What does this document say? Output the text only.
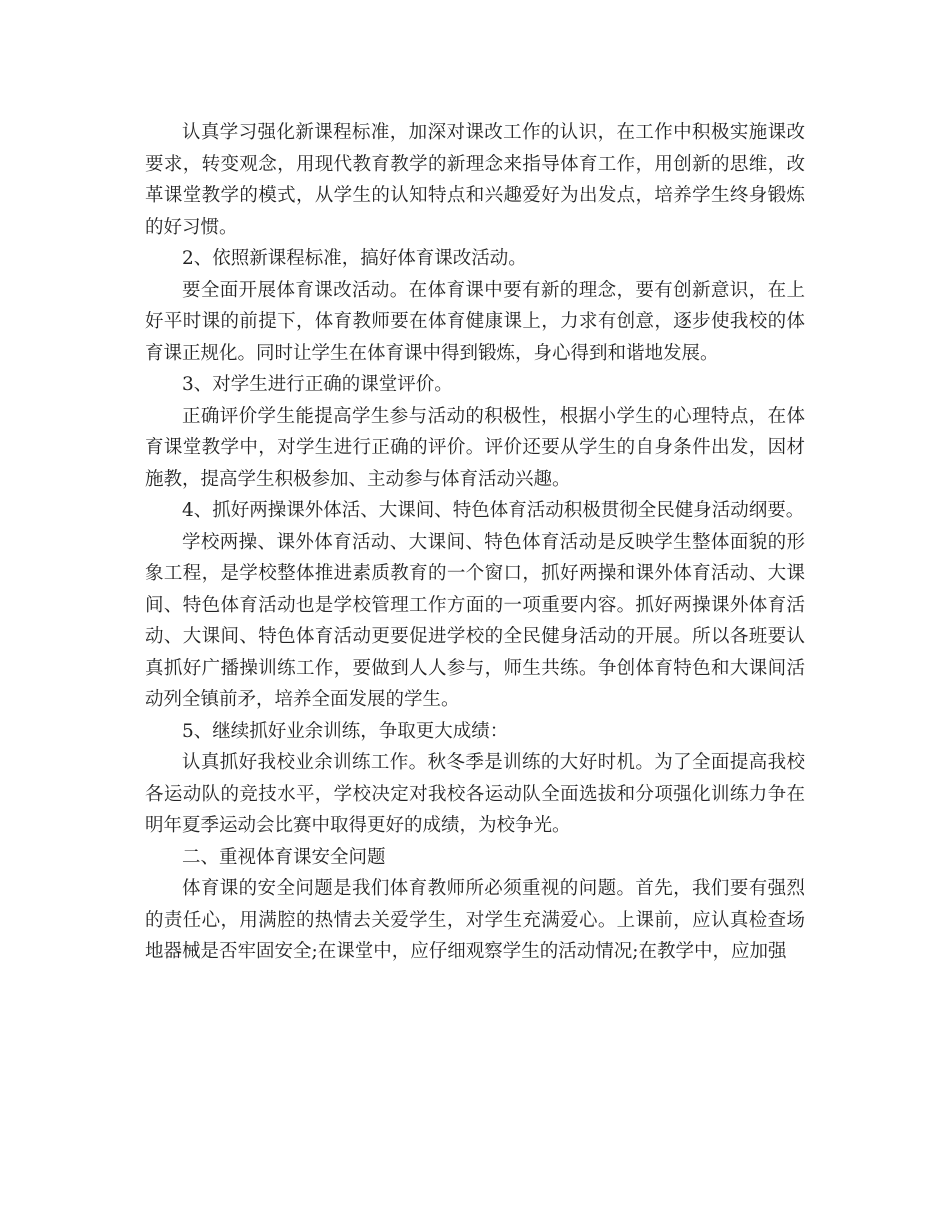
认真学习强化新课程标准，加深对课改工作的认识，在工作中积极实施课改要求，转变观念，用现代教育教学的新理念来指导体育工作，用创新的思维，改革课堂教学的模式，从学生的认知特点和兴趣爱好为出发点，培养学生终身锻炼的好习惯。

2、依照新课程标准，搞好体育课改活动。

要全面开展体育课改活动。在体育课中要有新的理念，要有创新意识，在上好平时课的前提下，体育教师要在体育健康课上，力求有创意，逐步使我校的体育课正规化。同时让学生在体育课中得到锻炼，身心得到和谐地发展。

3、对学生进行正确的课堂评价。

正确评价学生能提高学生参与活动的积极性，根据小学生的心理特点，在体育课堂教学中，对学生进行正确的评价。评价还要从学生的自身条件出发，因材施教，提高学生积极参加、主动参与体育活动兴趣。

4、抓好两操课外体活、大课间、特色体育活动积极贯彻全民健身活动纲要。

学校两操、课外体育活动、大课间、特色体育活动是反映学生整体面貌的形象工程，是学校整体推进素质教育的一个窗口，抓好两操和课外体育活动、大课间、特色体育活动也是学校管理工作方面的一项重要内容。抓好两操课外体育活动、大课间、特色体育活动更要促进学校的全民健身活动的开展。所以各班要认真抓好广播操训练工作，要做到人人参与，师生共练。争创体育特色和大课间活动列全镇前矛，培养全面发展的学生。

5、继续抓好业余训练，争取更大成绩：

认真抓好我校业余训练工作。秋冬季是训练的大好时机。为了全面提高我校各运动队的竞技水平，学校决定对我校各运动队全面选拔和分项强化训练力争在明年夏季运动会比赛中取得更好的成绩，为校争光。

二、重视体育课安全问题

体育课的安全问题是我们体育教师所必须重视的问题。首先，我们要有强烈的责任心，用满腔的热情去关爱学生，对学生充满爱心。上课前，应认真检查场地器械是否牢固安全;在课堂中，应仔细观察学生的活动情况;在教学中，应加强
